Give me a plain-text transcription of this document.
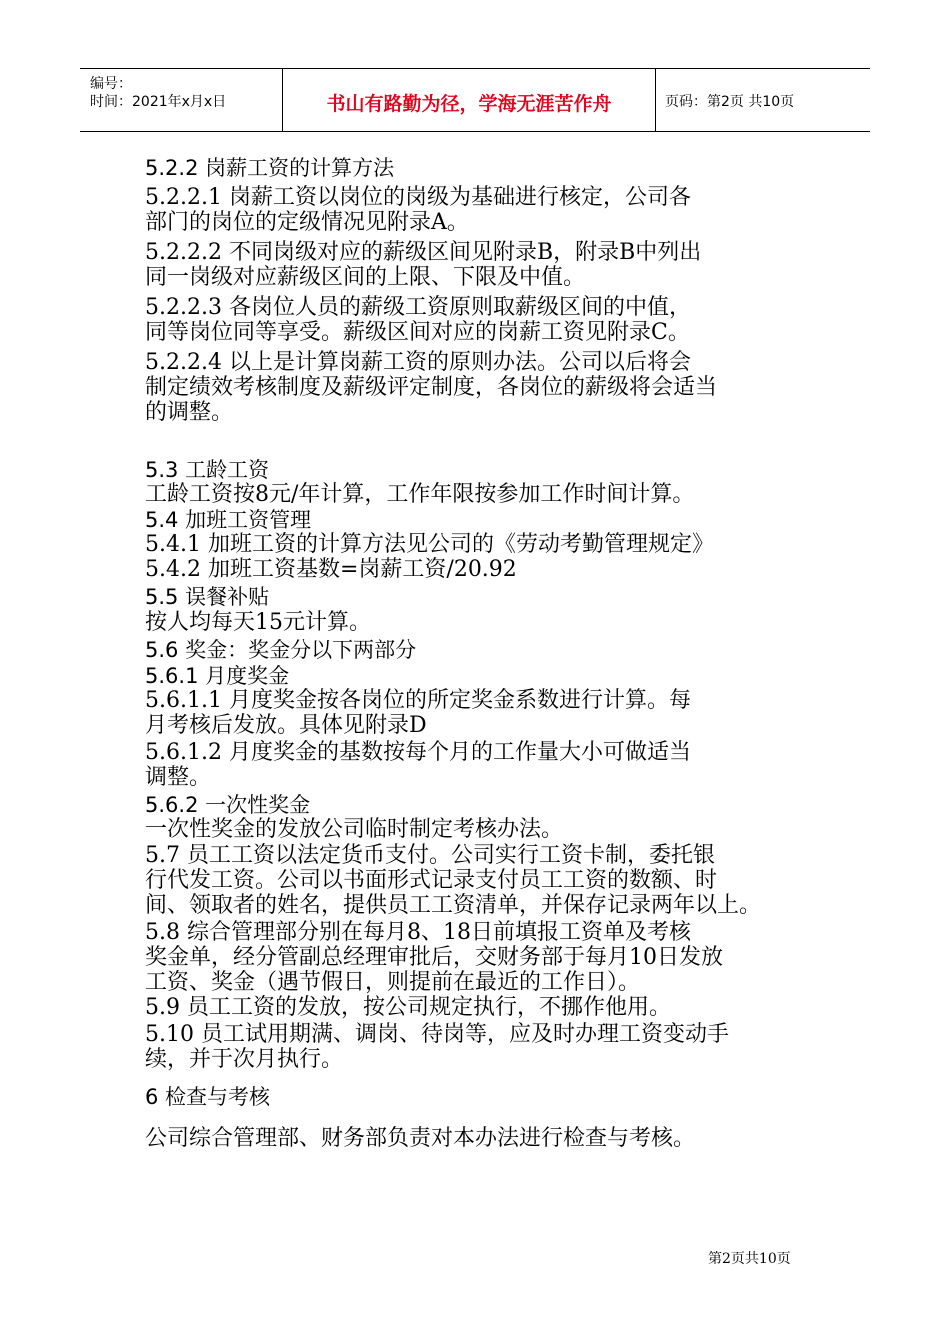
编号：
时间：2021年x月x日	书山有路勤为径，学海无涯苦作舟	页码：第2页 共10页
5.2.2 岗薪工资的计算方法
5.2.2.1 岗薪工资以岗位的岗级为基础进行核定，公司各
部门的岗位的定级情况见附录A。
5.2.2.2 不同岗级对应的薪级区间见附录B，附录B中列出
同一岗级对应薪级区间的上限、下限及中值。
5.2.2.3 各岗位人员的薪级工资原则取薪级区间的中值，
同等岗位同等享受。薪级区间对应的岗薪工资见附录C。
5.2.2.4 以上是计算岗薪工资的原则办法。公司以后将会
制定绩效考核制度及薪级评定制度，各岗位的薪级将会适当
的调整。
5.3 工龄工资
工龄工资按8元/年计算，工作年限按参加工作时间计算。
5.4 加班工资管理
5.4.1 加班工资的计算方法见公司的《劳动考勤管理规定》
5.4.2 加班工资基数=岗薪工资/20.92
5.5 误餐补贴
按人均每天15元计算。
5.6 奖金：奖金分以下两部分
5.6.1 月度奖金
5.6.1.1 月度奖金按各岗位的所定奖金系数进行计算。每
月考核后发放。具体见附录D
5.6.1.2 月度奖金的基数按每个月的工作量大小可做适当
调整。
5.6.2 一次性奖金
一次性奖金的发放公司临时制定考核办法。
5.7 员工工资以法定货币支付。公司实行工资卡制，委托银
行代发工资。公司以书面形式记录支付员工工资的数额、时
间、领取者的姓名，提供员工工资清单，并保存记录两年以上。
5.8 综合管理部分别在每月8、18日前填报工资单及考核
奖金单，经分管副总经理审批后，交财务部于每月10日发放
工资、奖金（遇节假日，则提前在最近的工作日）。
5.9 员工工资的发放，按公司规定执行，不挪作他用。
5.10 员工试用期满、调岗、待岗等，应及时办理工资变动手
续，并于次月执行。
6 检查与考核
公司综合管理部、财务部负责对本办法进行检查与考核。
第2页共10页
